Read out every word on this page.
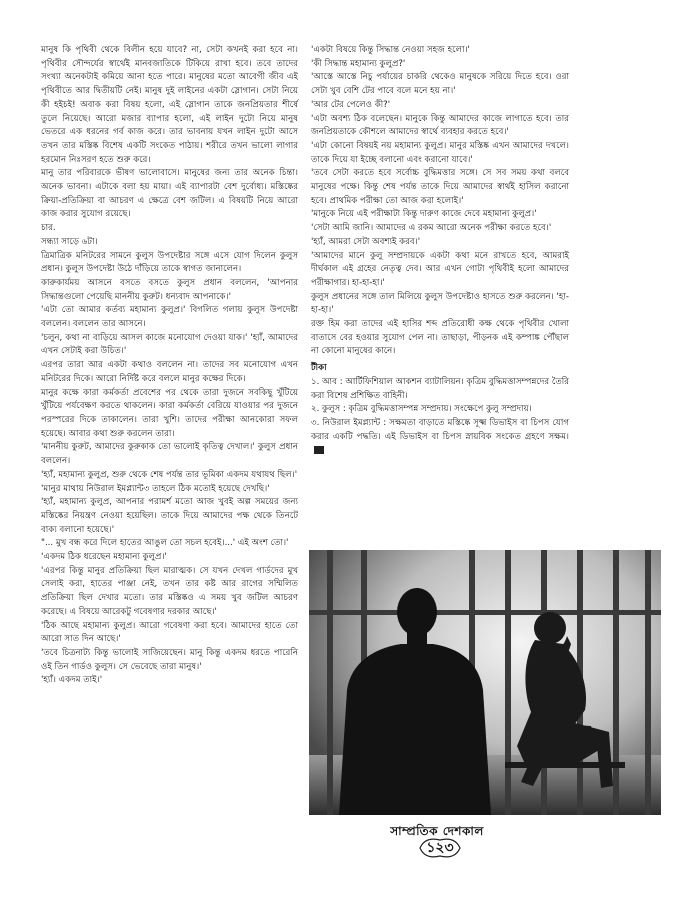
মানুষ কি পৃথিবী থেকে বিলীন হয়ে যাবে? না, সেটা কখনই করা হবে না। পৃথিবীর সৌন্দর্যের স্বার্থেই মানবজাতিকে টিকিয়ে রাখা হবে। তবে তাদের সংখ্যা অনেকটাই কমিয়ে আনা হতে পারে। মানুষের মতো আবেগী জীব এই পৃথিবীতে আর দ্বিতীয়টি নেই। মানুষ দুই লাইনের একটা স্লোগান। সেটা নিয়ে কী হইচই! অবাক করা বিষয় হলো, এই স্লোগান তাকে জনপ্রিয়তার শীর্ষে তুলে নিয়েছে। আরো মজার ব্যাপার হলো, এই লাইন দুটো নিয়ে মানুষ ভেতরে এক ধরনের গর্ব কাজ করে। তার ভাবনায় যখন লাইন দুটো আসে তখন তার মস্তিষ্ক বিশেষ একটি সংকেত পাঠায়। শরীরে তখন ভালো লাগার হরমোন নিঃসরণ হতে শুরু করে।

মানু তার পরিবারকে ভীষণ ভালোবাসে। মানুষের জন্য তার অনেক চিন্তা। অনেক ভাবনা। এটাকে বলা হয় মায়া। এই ব্যাপারটা বেশ দুর্বোধ্য। মস্তিষ্কের ক্রিয়া-প্রতিক্রিয়া বা আচরণ এ ক্ষেত্রে বেশ জটিল। এ বিষয়টি নিয়ে আরো কাজ করার সুযোগ রয়েছে।

চার.

সন্ধ্যা সাড়ে ৬টা।

ত্রিমাত্রিক মনিটরের সামনে কুলুস উপদেষ্টার সঙ্গে এসে যোগ দিলেন কুলুস প্রধান। কুলুস উপদেষ্টা উঠে দাঁড়িয়ে তাকে স্বাগত জানালেন।

কারুকার্যময় আসনে বসতে বসতে কুলুস প্রধান বললেন, 'আপনার সিদ্ধান্তগুলো পেয়েছি মাননীয় কুরুট। ধন্যবাদ আপনাকে।'

'এটা তো আমার কর্তব্য মহামান্য কুলুপ্র।' বিগলিত গলায় কুলুস উপদেষ্টা বললেন। বললেন তার আসনে।

'চলুন, কথা না বাড়িয়ে আসল কাজে মনোযোগ দেওয়া যাক।' 'হ্যাঁ, আমাদের এখন সেটাই করা উচিত।'

এরপর তারা আর একটা কথাও বললেন না। তাদের সব মনোযোগ এখন মনিটরের দিকে। আরো নির্দিষ্ট করে বললে মানুর কক্ষের দিকে।

মানুর কক্ষে কারা কর্মকর্তা প্রবেশের পর থেকে তারা দুজনে সবকিছু খুঁটিয়ে খুঁটিয়ে পর্যবেক্ষণ করতে থাকলেন। কারা কর্মকর্তা বেরিয়ে যাওয়ার পর দুজনে পরস্পরের দিকে তাকালেন। তারা খুশি। তাদের পরীক্ষা আনকোরা সফল হয়েছে। আবার কথা শুরু করলেন তারা।

'মাননীয় কুরুট, আমাদের কুরুকাক তো ভালোই কৃতিত্ব দেখাল।' কুলুস প্রধান বললেন।

'হ্যাঁ, মহামান্য কুলুপ্র, শুরু থেকে শেষ পর্যন্ত তার ভূমিকা একদম যথাযথ ছিল।'

'মানুর মাথায় নিউরাল ইমপ্ল্যান্ট৩ তাহলে ঠিক মতোই হয়েছে দেখছি।'

'হ্যাঁ, মহামান্য কুলুপ্র, আপনার পরামর্শ মতো আজ খুবই অল্প সময়ের জন্য মস্তিষ্কের নিয়ন্ত্রণ নেওয়া হয়েছিল। তাকে দিয়ে আমাদের পক্ষ থেকে তিনটে বাক্য বলানো হয়েছে।'

"... মুখ বন্ধ করে দিলে হাতের আঙুল তো সচল হবেই।...' এই অংশ তো।'

'একদম ঠিক ধরেছেন মহামান্য কুলুপ্র।'

'এরপর কিন্তু মানুর প্রতিক্রিয়া ছিল মারাত্মক। সে যখন দেখল গার্ডদের মুখ সেলাই করা, হাতের পাঞ্জা নেই, তখন তার কষ্ট আর রাগের সম্মিলিত প্রতিক্রিয়া ছিল দেখার মতো। তার মস্তিষ্কও এ সময় খুব জটিল আচরণ করেছে। এ বিষয়ে আরেকটু গবেষণার দরকার আছে।'

'ঠিক আছে মহামান্য কুলুপ্র। আরো গবেষণা করা হবে। আমাদের হাতে তো আরো সাত দিন আছে।'

'তবে চিত্রনাট্য কিন্তু ভালোই সাজিয়েছেন। মানু কিন্তু একদম ধরতে পারেনি ওই তিন গার্ডও কুলুস। সে ভেবেছে তারা মানুষ।'

'হ্যাঁ। একদম তাই।'

'একটা বিষয়ে কিন্তু সিদ্ধান্ত নেওয়া সহজ হলো।'

'কী সিদ্ধান্ত মহামান্য কুলুপ্র?'

'আস্তে আস্তে নিচু পর্যায়ের চাকরি থেকেও মানুষকে সরিয়ে দিতে হবে। ওরা সেটা খুব বেশি টের পাবে বলে মনে হয় না।'

'আর টের পেলেও কী?'

'এটা অবশ্য ঠিক বলেছেন। মানুকে কিন্তু আমাদের কাজে লাগাতে হবে। তার জনপ্রিয়তাকে কৌশলে আমাদের স্বার্থে ব্যবহার করতে হবে।'

'এটা কোনো বিষয়ই নয় মহামান্য কুলুপ্র। মানুর মস্তিষ্ক এখন আমাদের দখলে। তাকে দিয়ে যা ইচ্ছে বলানো এবং করানো যাবে।'

'তবে সেটা করতে হবে সর্বোচ্চ বুদ্ধিমত্তার সঙ্গে। সে সব সময় কথা বলবে মানুষের পক্ষে। কিন্তু শেষ পর্যন্ত তাকে দিয়ে আমাদের স্বার্থই হাসিল করানো হবে। প্রাথমিক পরীক্ষা তো আজ করা হলোই।'

'মানুকে নিয়ে এই পরীক্ষাটা কিন্তু দারুণ কাজে দেবে মহামান্য কুলুপ্র।'

'সেটা আমি জানি। আমাদের এ রকম আরো অনেক পরীক্ষা করতে হবে।'

'হ্যাঁ, আমরা সেটা অবশ্যই করব।'

'আমাদের মানে কুলু সম্প্রদায়কে একটা কথা মনে রাখতে হবে, আমরাই দীর্ঘকাল এই গ্রহের নেতৃত্ব দেব। আর এখন গোটা পৃথিবীই হলো আমাদের পরীক্ষাগার। হা-হা-হা।'

কুলুস প্রধানের সঙ্গে তাল মিলিয়ে কুলুস উপদেষ্টাও হাসতে শুরু করলেন। 'হা-হা-হা।'

রক্ত হিম করা তাদের এই হাসির শব্দ প্রতিরোধী কক্ষ থেকে পৃথিবীর খোলা বাতাসে বের হওয়ার সুযোগ পেল না। তাছাড়া, পীড়নক এই কম্পাঙ্ক পৌঁছাল না কোনো মানুষের কানে।

টীকা

১. আব : আর্টিফিশিয়াল আকশন ব্যাটালিয়ন। কৃত্রিম বুদ্ধিমত্তাসম্পন্নদের তৈরি করা বিশেষ প্রশিক্ষিত বাহিনী।

২. কুলুস : কৃত্রিম বুদ্ধিমত্তাসম্পন্ন সম্প্রদায়। সংক্ষেপে কুলু সম্প্রদায়।

৩. নিউরাল ইমপ্ল্যান্ট : সক্ষমতা বাড়াতে মস্তিষ্কে সূক্ষ্ম ডিভাইস বা চিপস যোগ করার একটি পদ্ধতি। এই ডিভাইস বা চিপস স্নায়বিক সংকেত গ্রহণে সক্ষম।

সাম্প্রতিক দেশকাল
১২৩
